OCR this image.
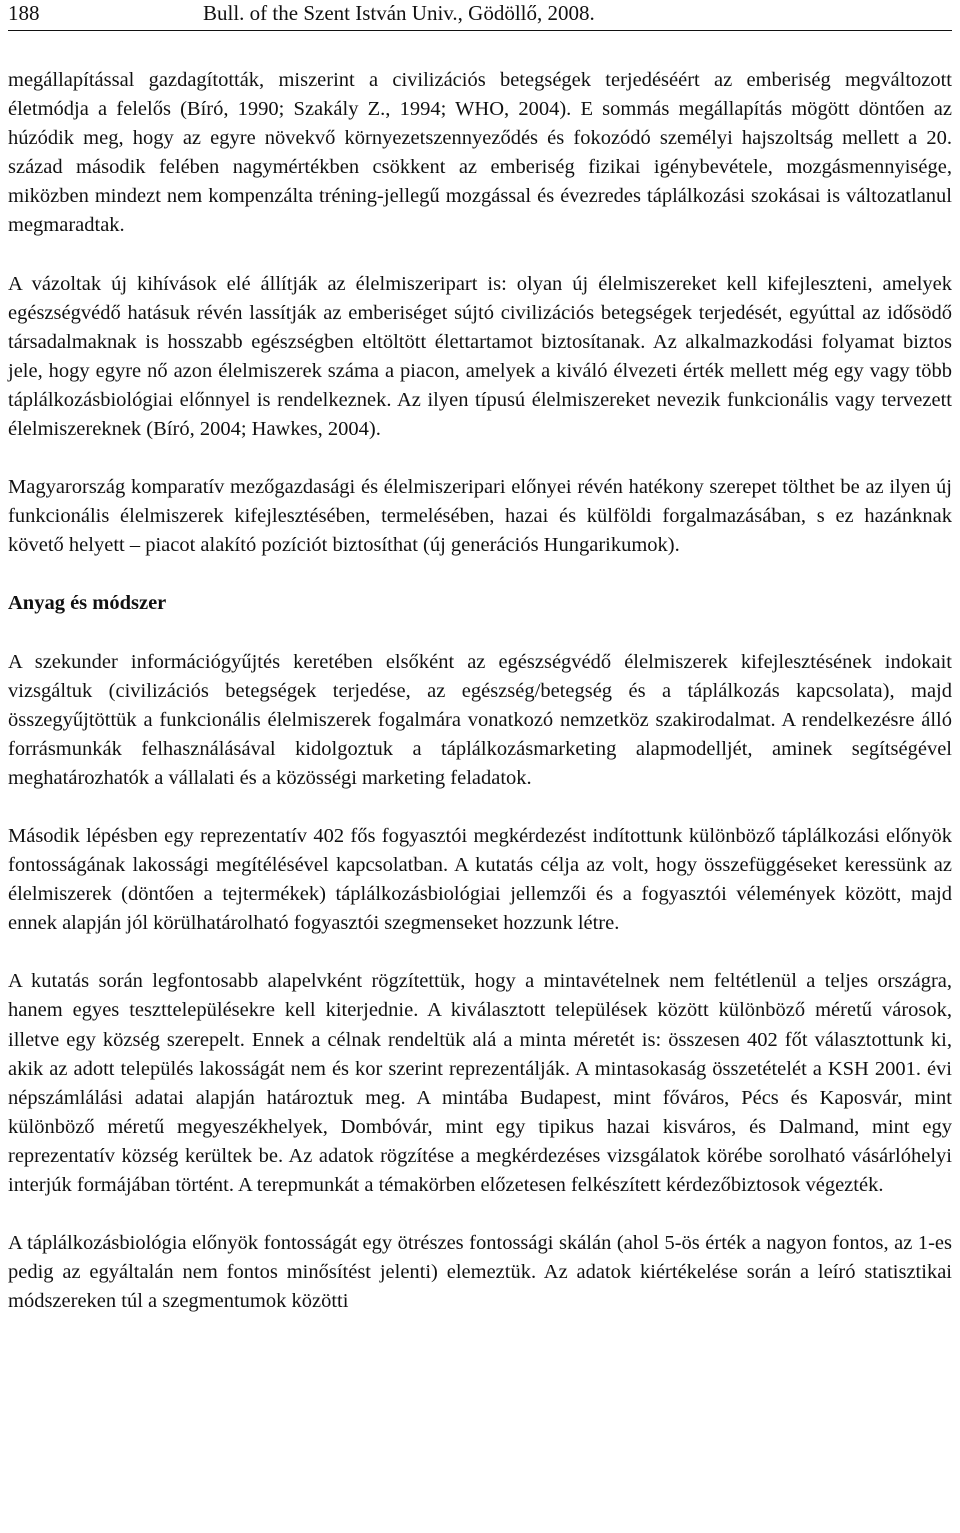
188	Bull. of the Szent István Univ., Gödöllő, 2008.

megállapítással gazdagították, miszerint a civilizációs betegségek terjedéséért az emberiség megváltozott életmódja a felelős (Bíró, 1990; Szakály Z., 1994; WHO, 2004). E sommás megállapítás mögött döntően az húzódik meg, hogy az egyre növekvő környezetszennyeződés és fokozódó személyi hajszoltság mellett a 20. század második felében nagymértékben csökkent az emberiség fizikai igénybevétele, mozgásmennyisége, miközben mindezt nem kompenzálta tréning-jellegű mozgással és évezredes táplálkozási szokásai is változatlanul megmaradtak.

A vázoltak új kihívások elé állítják az élelmiszeripart is: olyan új élelmiszereket kell kifejleszteni, amelyek egészségvédő hatásuk révén lassítják az emberiséget sújtó civilizációs betegségek terjedését, egyúttal az idősödő társadalmaknak is hosszabb egészségben eltöltött élettartamot biztosítanak. Az alkalmazkodási folyamat biztos jele, hogy egyre nő azon élelmiszerek száma a piacon, amelyek a kiváló élvezeti érték mellett még egy vagy több táplálkozásbiológiai előnnyel is rendelkeznek. Az ilyen típusú élelmiszereket nevezik funkcionális vagy tervezett élelmiszereknek (Bíró, 2004; Hawkes, 2004).

Magyarország komparatív mezőgazdasági és élelmiszeripari előnyei révén hatékony szerepet tölthet be az ilyen új funkcionális élelmiszerek kifejlesztésében, termelésében, hazai és külföldi forgalmazásában, s ez hazánknak követő helyett – piacot alakító pozíciót biztosíthat (új generációs Hungarikumok).

Anyag és módszer

A szekunder információgyűjtés keretében elsőként az egészségvédő élelmiszerek kifejlesztésének indokait vizsgáltuk (civilizációs betegségek terjedése, az egészség/betegség és a táplálkozás kapcsolata), majd összegyűjtöttük a funkcionális élelmiszerek fogalmára vonatkozó nemzetköz szakirodalmat. A rendelkezésre álló forrásmunkák felhasználásával kidolgoztuk a táplálkozásmarketing alapmodelljét, aminek segítségével meghatározhatók a vállalati és a közösségi marketing feladatok.

Második lépésben egy reprezentatív 402 fős fogyasztói megkérdezést indítottunk különböző táplálkozási előnyök fontosságának lakossági megítélésével kapcsolatban. A kutatás célja az volt, hogy összefüggéseket keressünk az élelmiszerek (döntően a tejtermékek) táplálkozásbiológiai jellemzői és a fogyasztói vélemények között, majd ennek alapján jól körülhatárolható fogyasztói szegmenseket hozzunk létre.

A kutatás során legfontosabb alapelvként rögzítettük, hogy a mintavételnek nem feltétlenül a teljes országra, hanem egyes teszttelepülésekre kell kiterjednie. A kiválasztott települések között különböző méretű városok, illetve egy község szerepelt. Ennek a célnak rendeltük alá a minta méretét is: összesen 402 főt választottunk ki, akik az adott település lakosságát nem és kor szerint reprezentálják. A mintasokaság összetételét a KSH 2001. évi népszámlálási adatai alapján határoztuk meg. A mintába Budapest, mint főváros, Pécs és Kaposvár, mint különböző méretű megyeszékhelyek, Dombóvár, mint egy tipikus hazai kisváros, és Dalmand, mint egy reprezentatív község kerültek be. Az adatok rögzítése a megkérdezéses vizsgálatok körébe sorolható vásárlóhelyi interjúk formájában történt. A terepmunkát a témakörben előzetesen felkészített kérdezőbiztosok végezték.

A táplálkozásbiológia előnyök fontosságát egy ötrészes fontossági skálán (ahol 5-ös érték a nagyon fontos, az 1-es pedig az egyáltalán nem fontos minősítést jelenti) elemeztük. Az adatok kiértékelése során a leíró statisztikai módszereken túl a szegmentumok közötti
